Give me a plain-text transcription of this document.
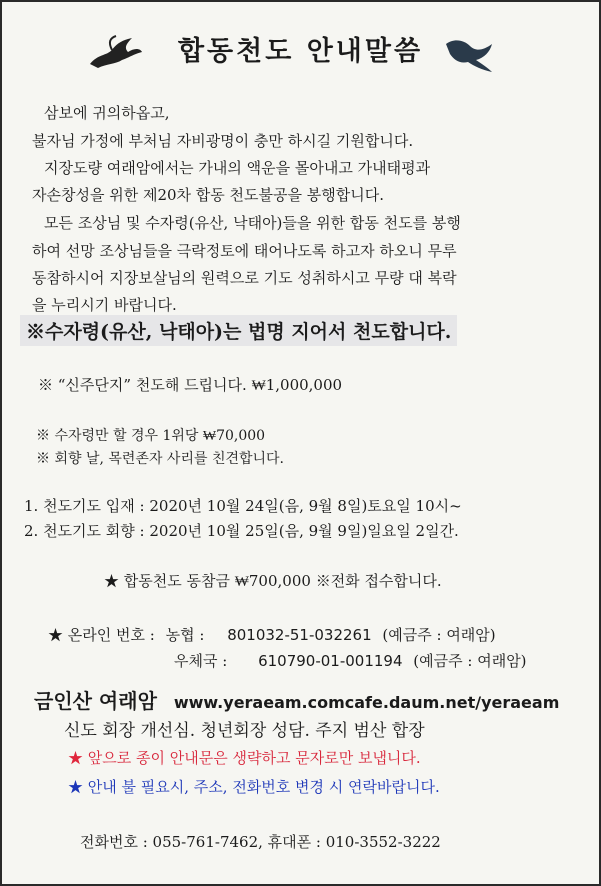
합동천도 안내말씀
삼보에 귀의하옵고,
불자님 가정에 부처님 자비광명이 충만 하시길 기원합니다.
지장도량 여래암에서는 가내의 액운을 몰아내고 가내태평과
자손창성을 위한 제20차 합동 천도불공을 봉행합니다.
모든 조상님 및 수자령(유산, 낙태아)들을 위한 합동 천도를 봉행
하여 선망 조상님들을 극락정토에 태어나도록 하고자 하오니 무루
동참하시어 지장보살님의 원력으로 기도 성취하시고 무량 대 복락
을 누리시기 바랍니다.
※수자령(유산, 낙태아)는 법명 지어서 천도합니다.
※ “신주단지” 천도해 드립니다. ₩1,000,000
※ 수자령만 할 경우 1위당 ₩70,000
※ 회향 날, 목련존자 사리를 친견합니다.
1. 천도기도 입재 : 2020년 10월 24일(음, 9월 8일)토요일 10시~
2. 천도기도 회향 : 2020년 10월 25일(음, 9월 9일)일요일 2일간.
★ 합동천도 동참금 ₩700,000 ※전화 접수합니다.
★ 온라인 번호 : 농협 : 801032-51-032261 (예금주 : 여래암)
우체국 : 610790-01-001194 (예금주 : 여래암)
금인산 여래암 www.yeraeam.comcafe.daum.net/yeraeam
신도 회장 개선심. 청년회장 성담. 주지 범산 합장
★ 앞으로 종이 안내문은 생략하고 문자로만 보냅니다.
★ 안내 불 필요시, 주소, 전화번호 변경 시 연락바랍니다.
전화번호 : 055-761-7462, 휴대폰 : 010-3552-3222
